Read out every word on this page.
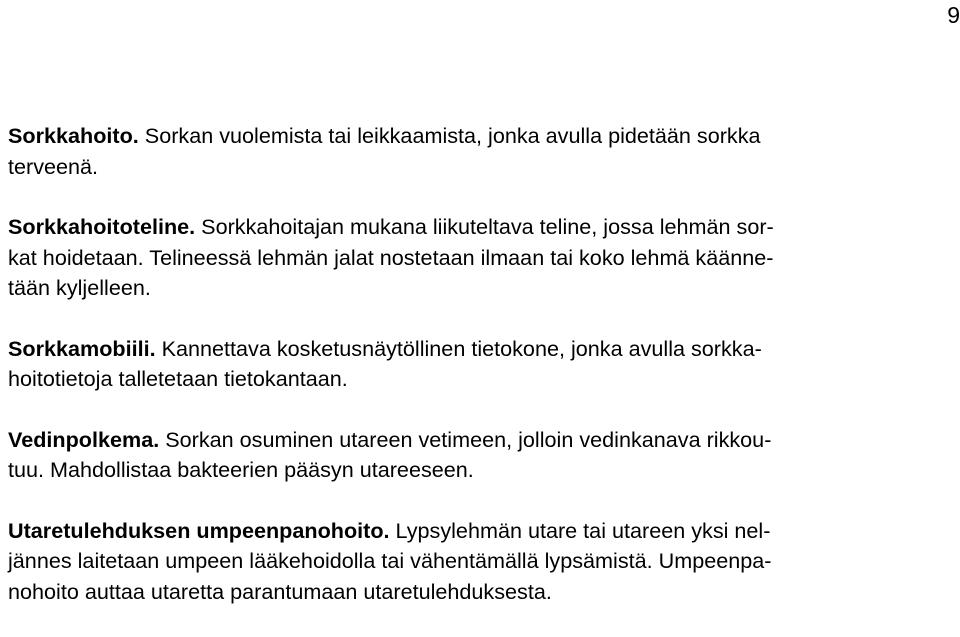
9
Sorkkahoito. Sorkan vuolemista tai leikkaamista, jonka avulla pidetään sorkka
terveenä.
Sorkkahoitoteline. Sorkkahoitajan mukana liikuteltava teline, jossa lehmän sor-
kat hoidetaan. Telineessä lehmän jalat nostetaan ilmaan tai koko lehmä käänne-
tään kyljelleen.
Sorkkamobiili. Kannettava kosketusnäytöllinen tietokone, jonka avulla sorkka-
hoitotietoja talletetaan tietokantaan.
Vedinpolkema. Sorkan osuminen utareen vetimeen, jolloin vedinkanava rikkou-
tuu. Mahdollistaa bakteerien pääsyn utareeseen.
Utaretulehduksen umpeenpanohoito. Lypsylehmän utare tai utareen yksi nel-
jännes laitetaan umpeen lääkehoidolla tai vähentämällä lypsämistä. Umpeenpa-
nohoito auttaa utaretta parantumaan utaretulehduksesta.
